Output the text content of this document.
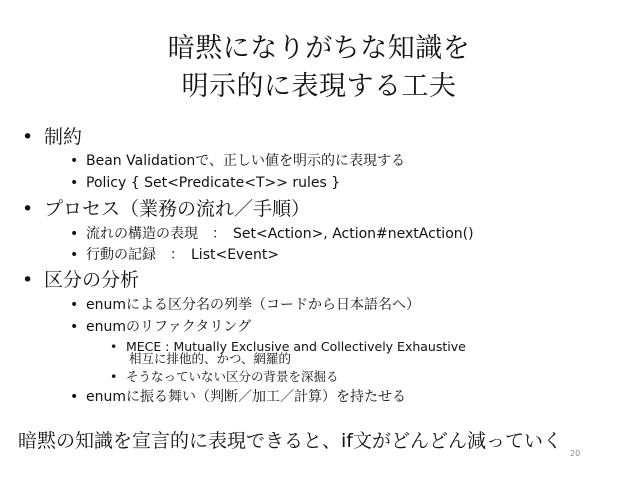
暗黙になりがちな知識を
明示的に表現する工夫
• 制約
• Bean Validationで、正しい値を明示的に表現する
• Policy { Set<Predicate<T>> rules }
• プロセス（業務の流れ／手順）
• 流れの構造の表現　：　Set<Action>, Action#nextAction()
• 行動の記録　：　List<Event>
• 区分の分析
• enumによる区分名の列挙（コードから日本語名へ）
• enumのリファクタリング
• MECE : Mutually Exclusive and Collectively Exhaustive
相互に排他的、かつ、網羅的
• そうなっていない区分の背景を深掘る
• enumに振る舞い（判断／加工／計算）を持たせる
暗黙の知識を宣言的に表現できると、if文がどんどん減っていく
20
